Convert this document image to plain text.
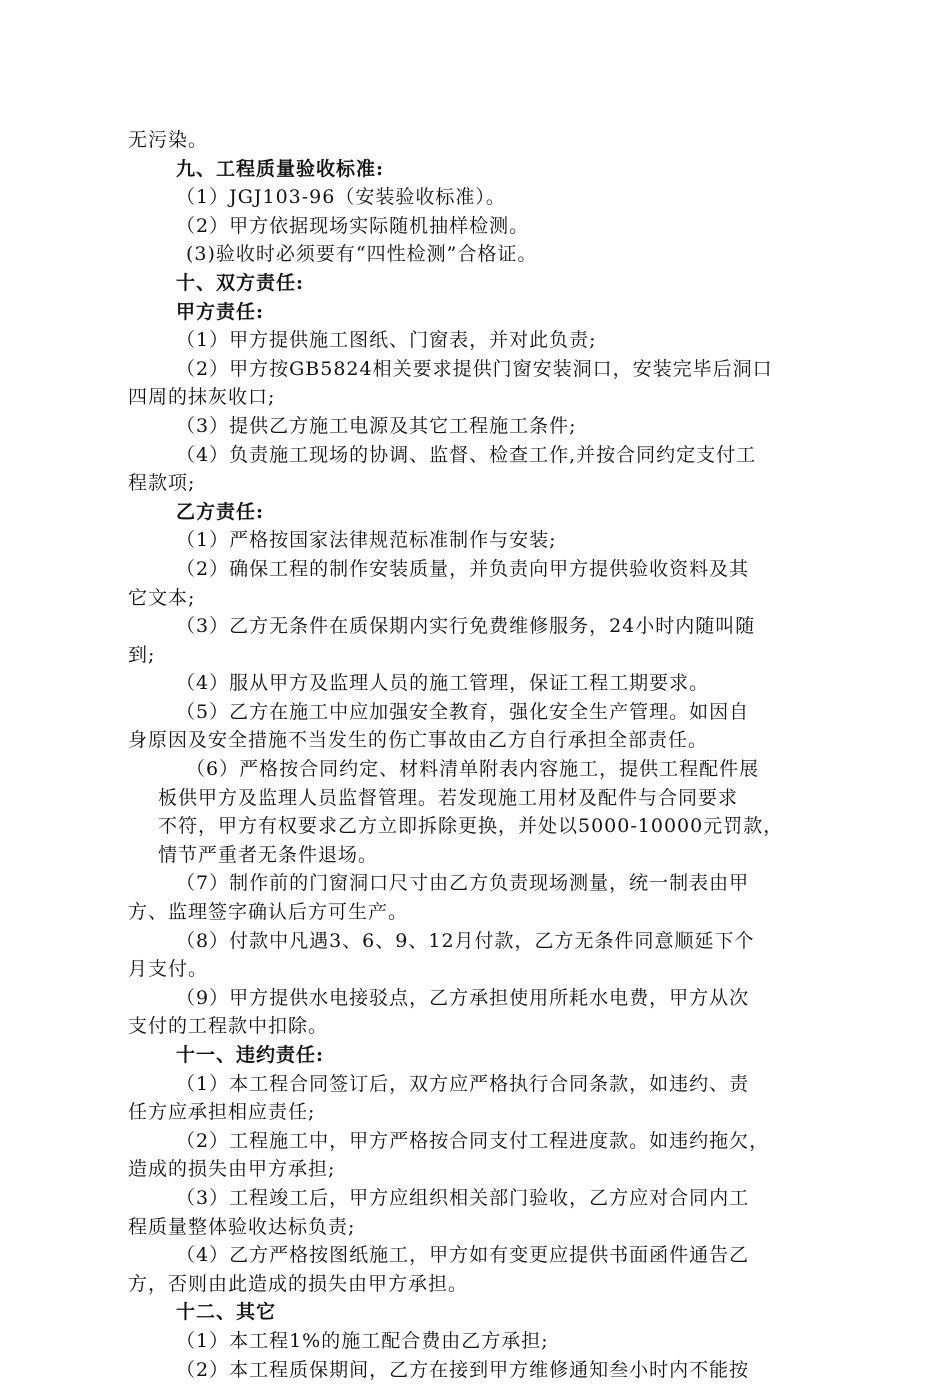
无污染。
九、工程质量验收标准:
（1）JGJ103-96（安装验收标准）。
（2）甲方依据现场实际随机抽样检测。
(3)验收时必须要有“四性检测”合格证。
十、双方责任:
甲方责任:
（1）甲方提供施工图纸、门窗表，并对此负责;
（2）甲方按GB5824相关要求提供门窗安装洞口，安装完毕后洞口
四周的抹灰收口;
（3）提供乙方施工电源及其它工程施工条件;
（4）负责施工现场的协调、监督、检查工作,并按合同约定支付工
程款项;
乙方责任:
（1）严格按国家法律规范标准制作与安装;
（2）确保工程的制作安装质量，并负责向甲方提供验收资料及其
它文本;
（3）乙方无条件在质保期内实行免费维修服务，24小时内随叫随
到;
（4）服从甲方及监理人员的施工管理，保证工程工期要求。
（5）乙方在施工中应加强安全教育，强化安全生产管理。如因自
身原因及安全措施不当发生的伤亡事故由乙方自行承担全部责任。
（6）严格按合同约定、材料清单附表内容施工，提供工程配件展
板供甲方及监理人员监督管理。若发现施工用材及配件与合同要求
不符，甲方有权要求乙方立即拆除更换，并处以5000-10000元罚款，
情节严重者无条件退场。
（7）制作前的门窗洞口尺寸由乙方负责现场测量，统一制表由甲
方、监理签字确认后方可生产。
（8）付款中凡遇3、6、9、12月付款，乙方无条件同意顺延下个
月支付。
（9）甲方提供水电接驳点，乙方承担使用所耗水电费，甲方从次
支付的工程款中扣除。
十一、违约责任:
（1）本工程合同签订后，双方应严格执行合同条款，如违约、责
任方应承担相应责任;
（2）工程施工中，甲方严格按合同支付工程进度款。如违约拖欠，
造成的损失由甲方承担;
（3）工程竣工后，甲方应组织相关部门验收，乙方应对合同内工
程质量整体验收达标负责;
（4）乙方严格按图纸施工，甲方如有变更应提供书面函件通告乙
方，否则由此造成的损失由甲方承担。
十二、其它
（1）本工程1%的施工配合费由乙方承担;
（2）本工程质保期间，乙方在接到甲方维修通知叁小时内不能按
